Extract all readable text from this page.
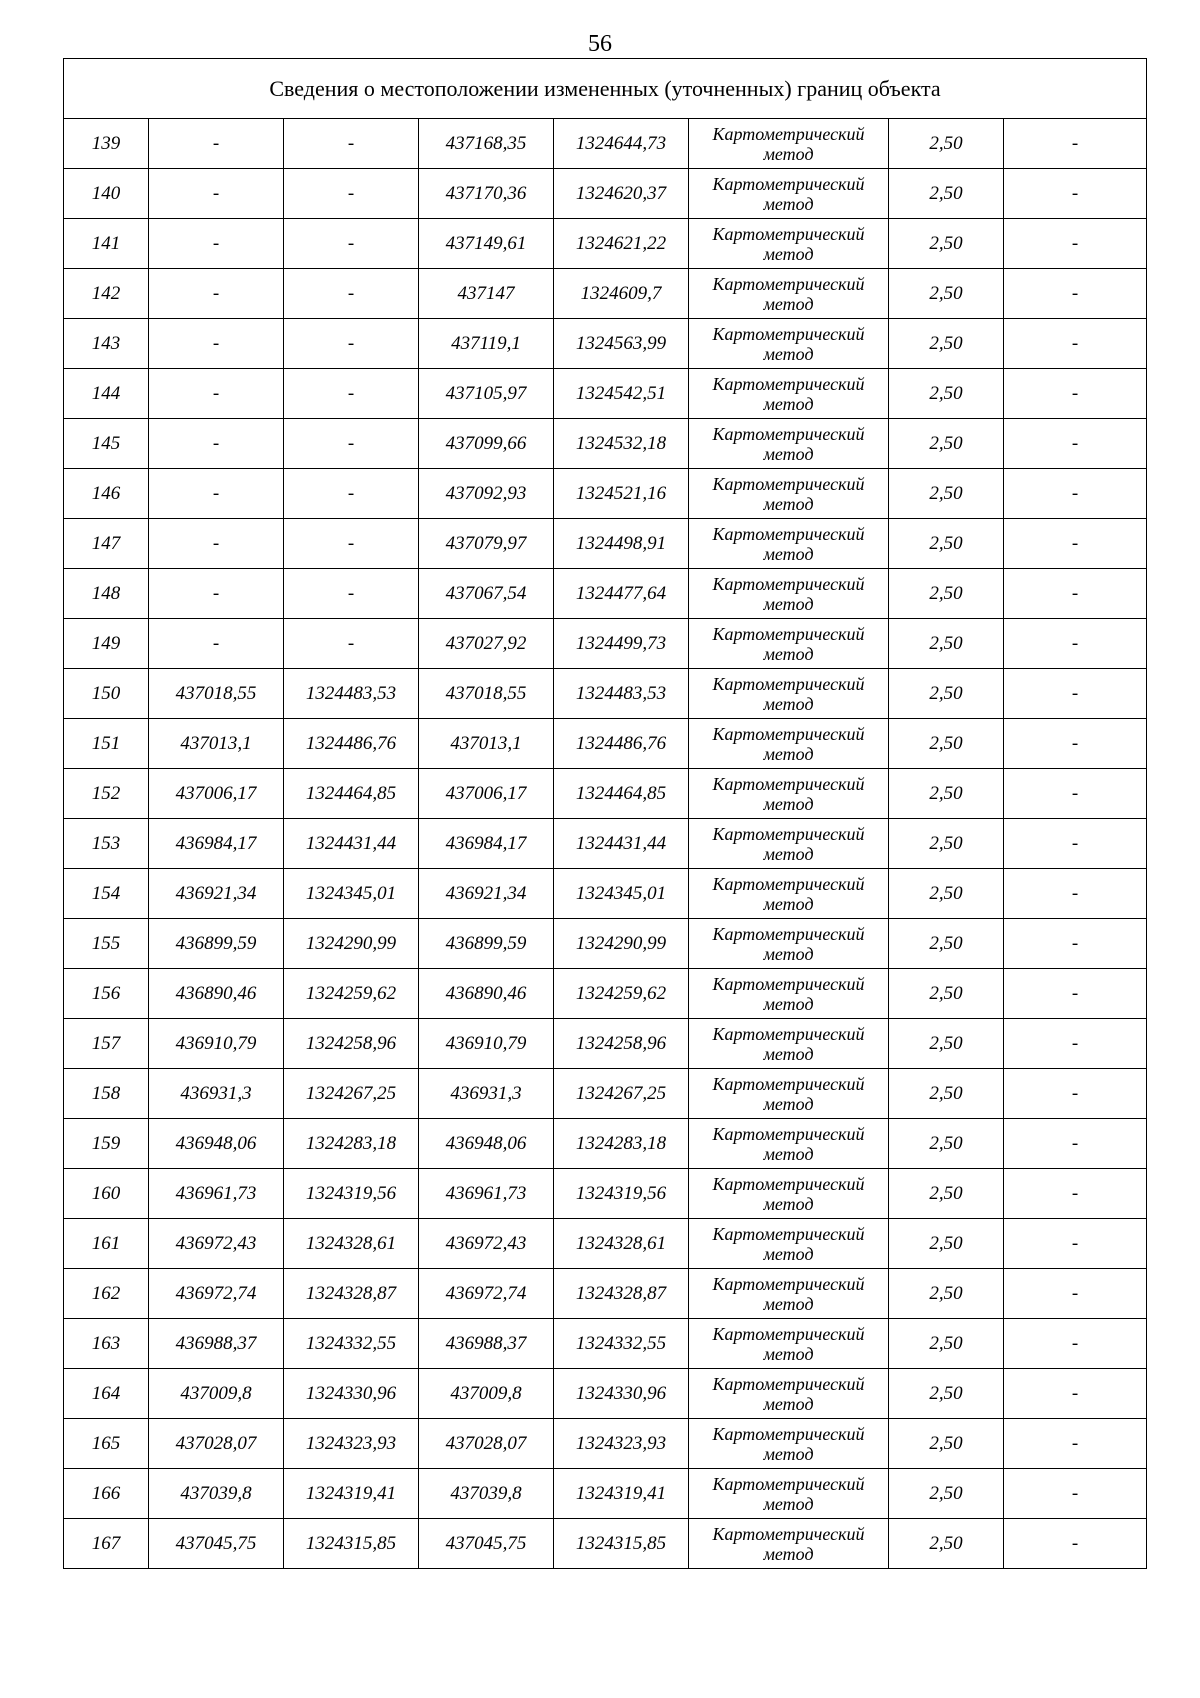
56
Сведения о местоположении измененных (уточненных) границ объекта							
139	-	-	437168,35	1324644,73	Картометрический метод	2,50	-
140	-	-	437170,36	1324620,37	Картометрический метод	2,50	-
141	-	-	437149,61	1324621,22	Картометрический метод	2,50	-
142	-	-	437147	1324609,7	Картометрический метод	2,50	-
143	-	-	437119,1	1324563,99	Картометрический метод	2,50	-
144	-	-	437105,97	1324542,51	Картометрический метод	2,50	-
145	-	-	437099,66	1324532,18	Картометрический метод	2,50	-
146	-	-	437092,93	1324521,16	Картометрический метод	2,50	-
147	-	-	437079,97	1324498,91	Картометрический метод	2,50	-
148	-	-	437067,54	1324477,64	Картометрический метод	2,50	-
149	-	-	437027,92	1324499,73	Картометрический метод	2,50	-
150	437018,55	1324483,53	437018,55	1324483,53	Картометрический метод	2,50	-
151	437013,1	1324486,76	437013,1	1324486,76	Картометрический метод	2,50	-
152	437006,17	1324464,85	437006,17	1324464,85	Картометрический метод	2,50	-
153	436984,17	1324431,44	436984,17	1324431,44	Картометрический метод	2,50	-
154	436921,34	1324345,01	436921,34	1324345,01	Картометрический метод	2,50	-
155	436899,59	1324290,99	436899,59	1324290,99	Картометрический метод	2,50	-
156	436890,46	1324259,62	436890,46	1324259,62	Картометрический метод	2,50	-
157	436910,79	1324258,96	436910,79	1324258,96	Картометрический метод	2,50	-
158	436931,3	1324267,25	436931,3	1324267,25	Картометрический метод	2,50	-
159	436948,06	1324283,18	436948,06	1324283,18	Картометрический метод	2,50	-
160	436961,73	1324319,56	436961,73	1324319,56	Картометрический метод	2,50	-
161	436972,43	1324328,61	436972,43	1324328,61	Картометрический метод	2,50	-
162	436972,74	1324328,87	436972,74	1324328,87	Картометрический метод	2,50	-
163	436988,37	1324332,55	436988,37	1324332,55	Картометрический метод	2,50	-
164	437009,8	1324330,96	437009,8	1324330,96	Картометрический метод	2,50	-
165	437028,07	1324323,93	437028,07	1324323,93	Картометрический метод	2,50	-
166	437039,8	1324319,41	437039,8	1324319,41	Картометрический метод	2,50	-
167	437045,75	1324315,85	437045,75	1324315,85	Картометрический метод	2,50	-
